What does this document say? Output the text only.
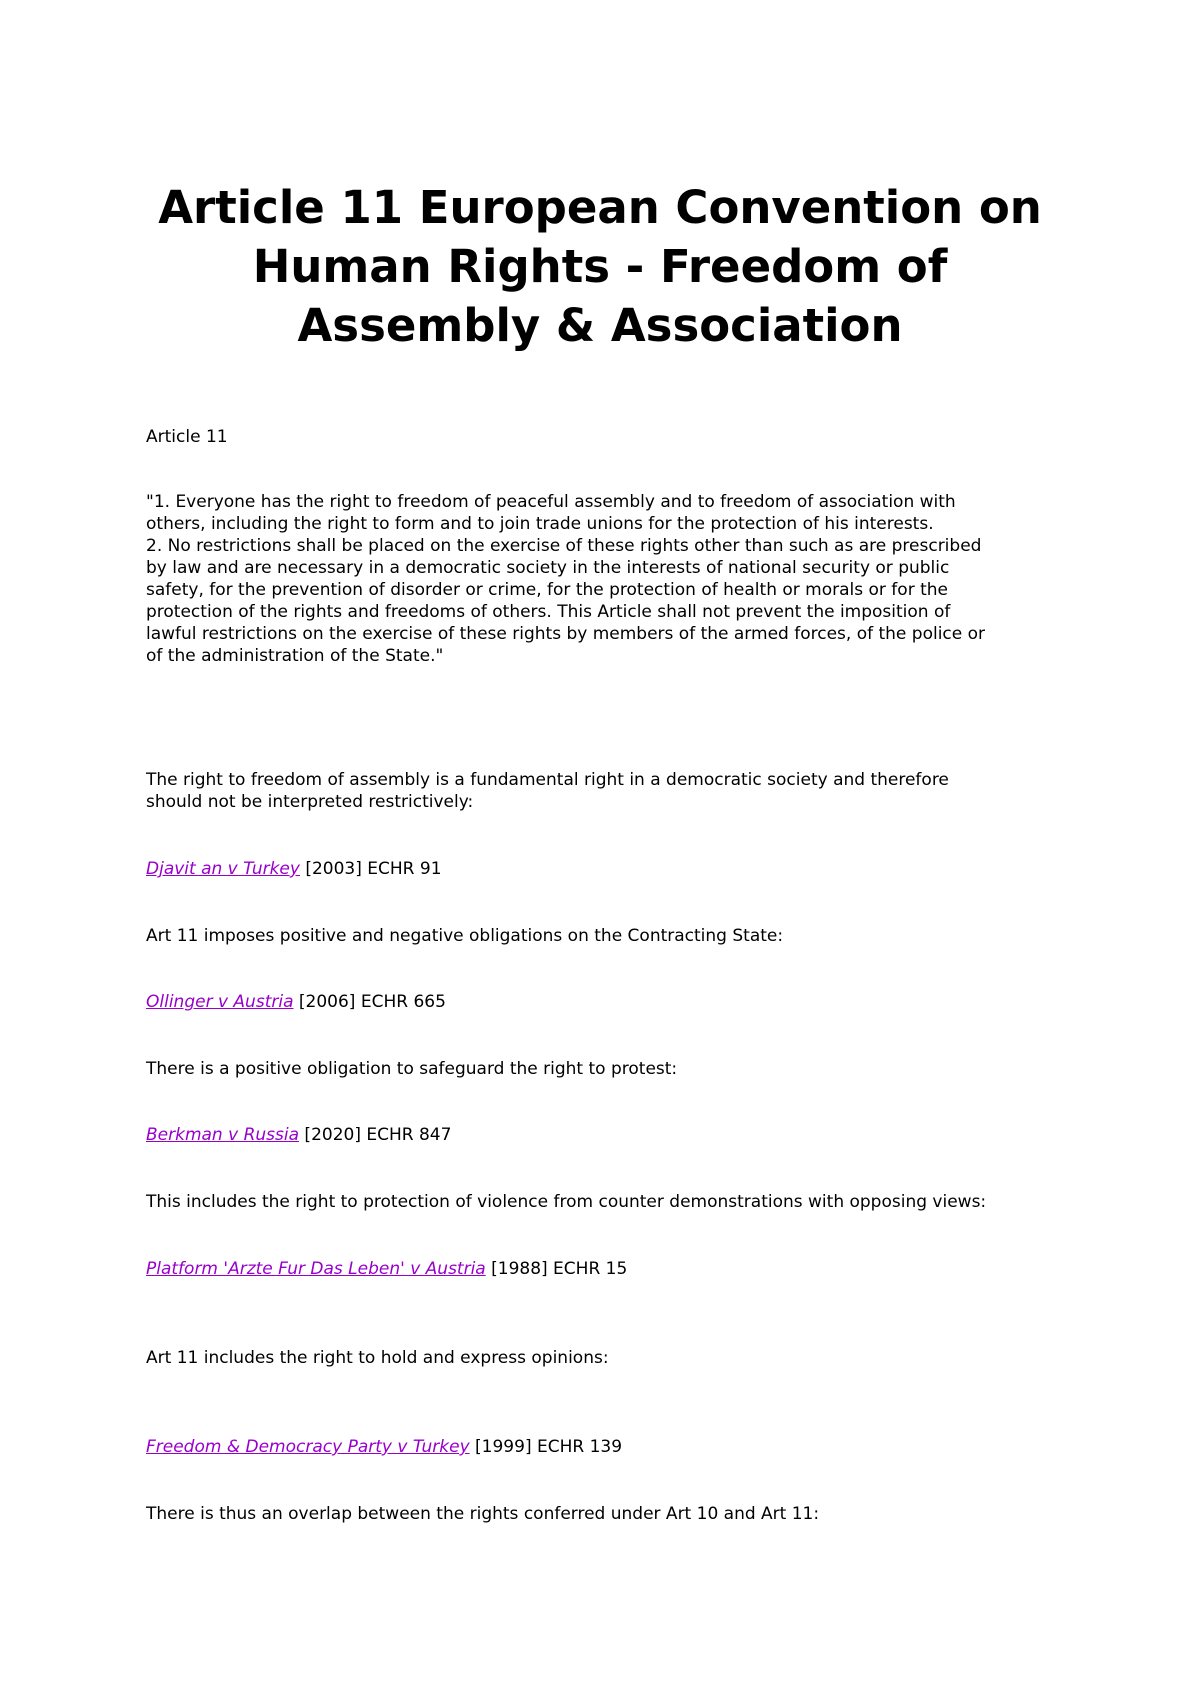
Article 11 European Convention on Human Rights - Freedom of Assembly & Association

Article 11

"1. Everyone has the right to freedom of peaceful assembly and to freedom of association with
others, including the right to form and to join trade unions for the protection of his interests.
2. No restrictions shall be placed on the exercise of these rights other than such as are prescribed
by law and are necessary in a democratic society in the interests of national security or public
safety, for the prevention of disorder or crime, for the protection of health or morals or for the
protection of the rights and freedoms of others. This Article shall not prevent the imposition of
lawful restrictions on the exercise of these rights by members of the armed forces, of the police or
of the administration of the State."

The right to freedom of assembly is a fundamental right in a democratic society and therefore

should not be interpreted restrictively:

Djavit an v Turkey [2003] ECHR 91

Art 11 imposes positive and negative obligations on the Contracting State:

Ollinger v Austria [2006] ECHR 665

There is a positive obligation to safeguard the right to protest:

Berkman v Russia [2020] ECHR 847

This includes the right to protection of violence from counter demonstrations with opposing views:

Platform 'Arzte Fur Das Leben' v Austria [1988] ECHR 15

Art 11 includes the right to hold and express opinions:

Freedom & Democracy Party v Turkey [1999] ECHR 139

There is thus an overlap between the rights conferred under Art 10 and Art 11:
